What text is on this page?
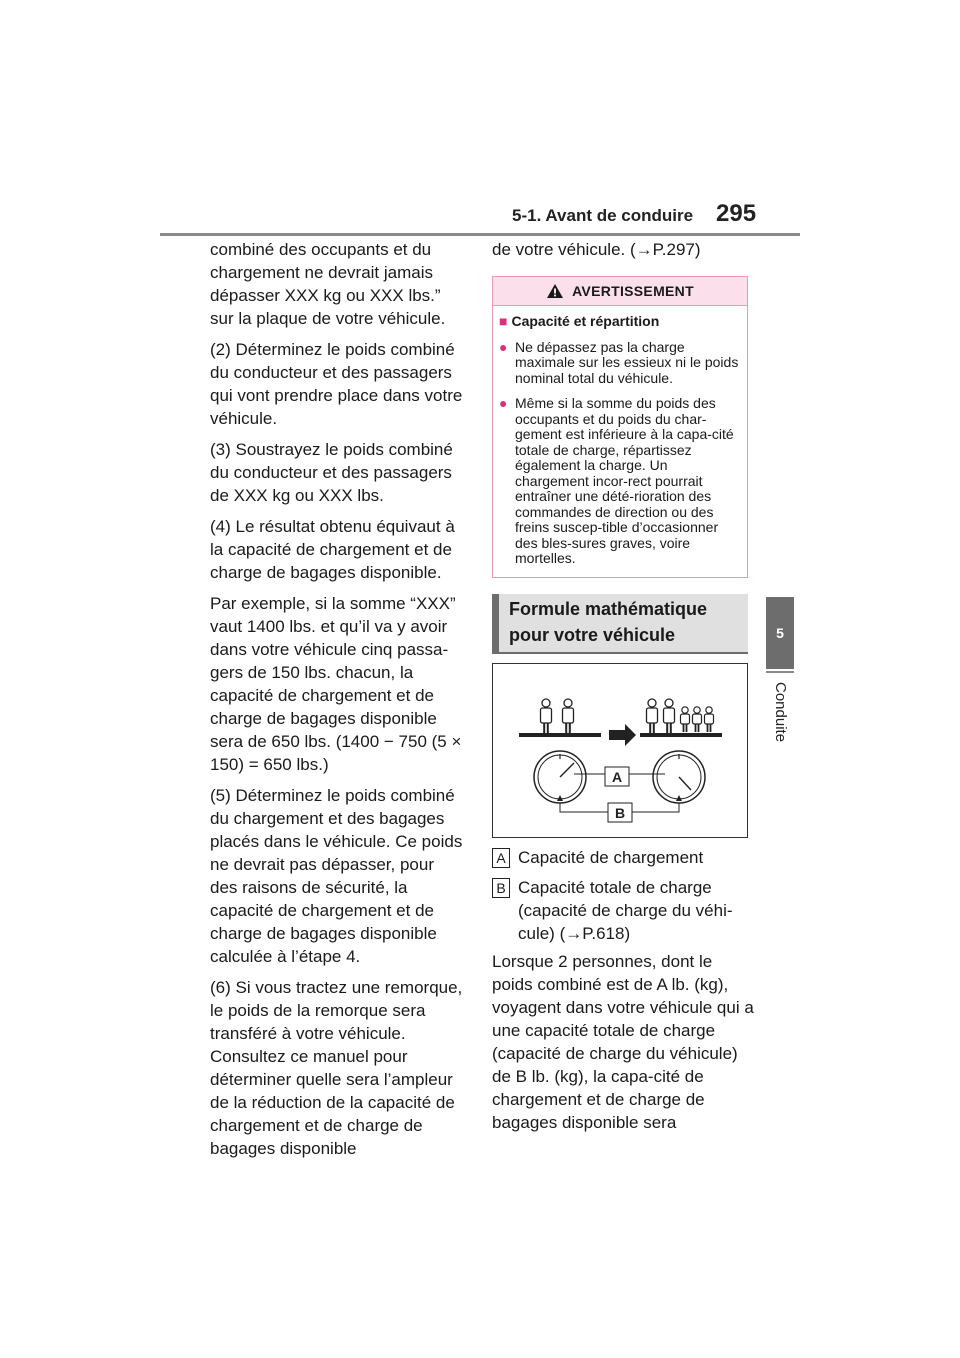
5-1. Avant de conduire 295
5
Conduite

combiné des occupants et du chargement ne devrait jamais dépasser XXX kg ou XXX lbs.” sur la plaque de votre véhicule.

(2) Déterminez le poids combiné du conducteur et des passagers qui vont prendre place dans votre véhicule.

(3) Soustrayez le poids combiné du conducteur et des passagers de XXX kg ou XXX lbs.

(4) Le résultat obtenu équivaut à la capacité de chargement et de charge de bagages disponible.

Par exemple, si la somme “XXX” vaut 1400 lbs. et qu’il va y avoir dans votre véhicule cinq passa-gers de 150 lbs. chacun, la capacité de chargement et de charge de bagages disponible sera de 650 lbs. (1400 − 750 (5 × 150) = 650 lbs.)

(5) Déterminez le poids combiné du chargement et des bagages placés dans le véhicule. Ce poids ne devrait pas dépasser, pour des raisons de sécurité, la capacité de chargement et de charge de bagages disponible calculée à l’étape 4.

(6) Si vous tractez une remorque, le poids de la remorque sera transféré à votre véhicule. Consultez ce manuel pour déterminer quelle sera l’ampleur de la réduction de la capacité de chargement et de charge de bagages disponible

de votre véhicule. (→P.297)

AVERTISSEMENT
■ Capacité et répartition
● Ne dépassez pas la charge maximale sur les essieux ni le poids nominal total du véhicule.
● Même si la somme du poids des occupants et du poids du char-gement est inférieure à la capa-cité totale de charge, répartissez également la charge. Un chargement incor-rect pourrait entraîner une dété-rioration des commandes de direction ou des freins suscep-tible d’occasionner des bles-sures graves, voire mortelles.
Formule mathématique
pour votre véhicule
A
B
A Capacité de chargement
B Capacité totale de charge (capacité de charge du véhi-cule) (→P.618)
Lorsque 2 personnes, dont le poids combiné est de A lb. (kg), voyagent dans votre véhicule qui a une capacité totale de charge (capacité de charge du véhicule) de B lb. (kg), la capa-cité de chargement et de charge de bagages disponible sera
